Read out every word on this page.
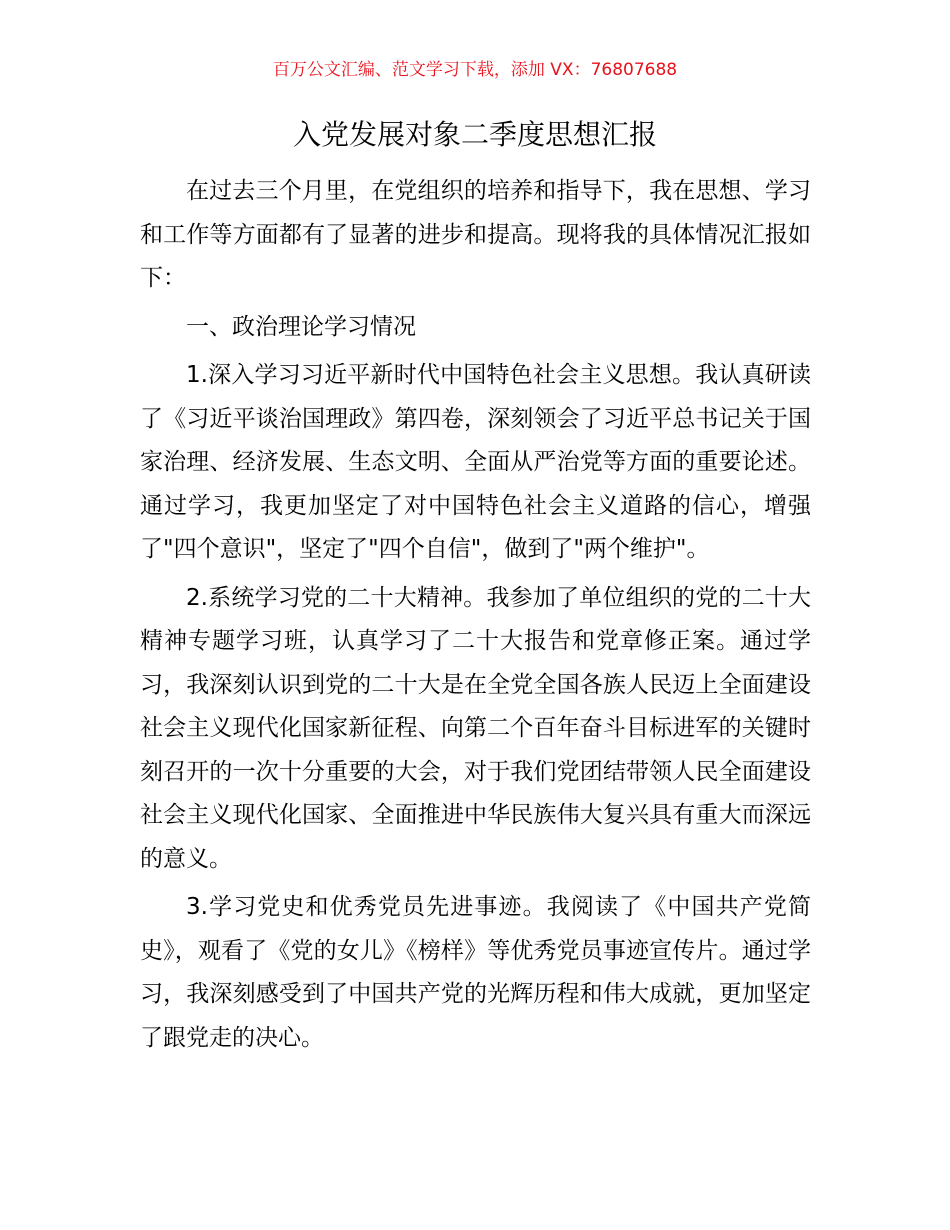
百万公文汇编、范文学习下载，添加 VX：76807688
入党发展对象二季度思想汇报

在过去三个月里，在党组织的培养和指导下，我在思想、学习和工作等方面都有了显著的进步和提高。现将我的具体情况汇报如下：

一、政治理论学习情况

1.深入学习习近平新时代中国特色社会主义思想。我认真研读了《习近平谈治国理政》第四卷，深刻领会了习近平总书记关于国家治理、经济发展、生态文明、全面从严治党等方面的重要论述。通过学习，我更加坚定了对中国特色社会主义道路的信心，增强了"四个意识"，坚定了"四个自信"，做到了"两个维护"。

2.系统学习党的二十大精神。我参加了单位组织的党的二十大精神专题学习班，认真学习了二十大报告和党章修正案。通过学习，我深刻认识到党的二十大是在全党全国各族人民迈上全面建设社会主义现代化国家新征程、向第二个百年奋斗目标进军的关键时刻召开的一次十分重要的大会，对于我们党团结带领人民全面建设社会主义现代化国家、全面推进中华民族伟大复兴具有重大而深远的意义。

3.学习党史和优秀党员先进事迹。我阅读了《中国共产党简史》，观看了《党的女儿》《榜样》等优秀党员事迹宣传片。通过学习，我深刻感受到了中国共产党的光辉历程和伟大成就，更加坚定了跟党走的决心。
